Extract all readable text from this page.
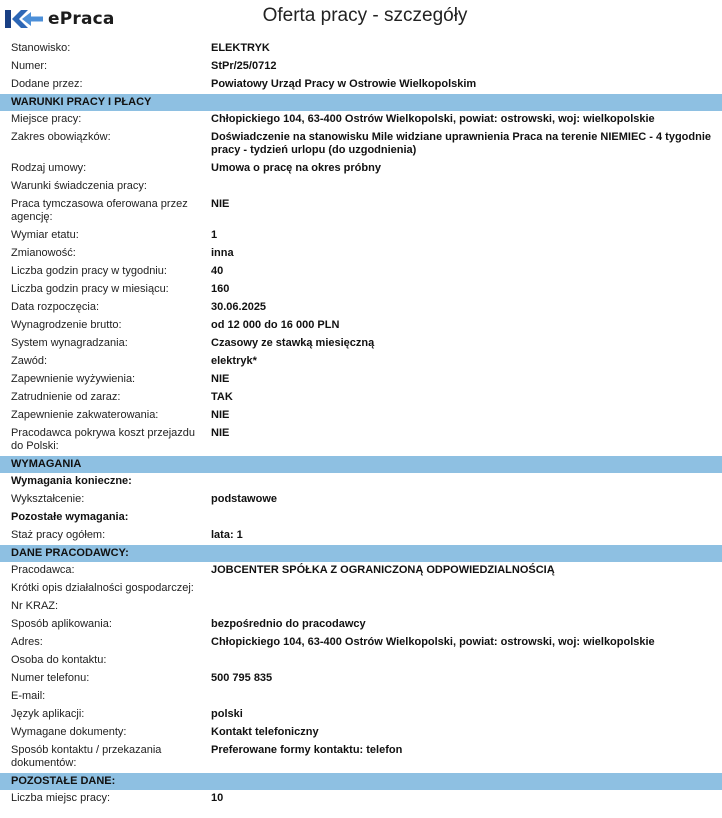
ePraca	Oferta pracy - szczegóły
Stanowisko:	ELEKTRYK
Numer:	StPr/25/0712
Dodane przez:	Powiatowy Urząd Pracy w Ostrowie Wielkopolskim
WARUNKI PRACY I PŁACY	
Miejsce pracy:	Chłopickiego 104, 63-400 Ostrów Wielkopolski, powiat: ostrowski, woj: wielkopolskie
Zakres obowiązków:	Doświadczenie na stanowisku Mile widziane uprawnienia Praca na terenie NIEMIEC - 4 tygodnie pracy - tydzień urlopu (do uzgodnienia)
Rodzaj umowy:	Umowa o pracę na okres próbny
Warunki świadczenia pracy:	
Praca tymczasowa oferowana przez agencję:	NIE
Wymiar etatu:	1
Zmianowość:	inna
Liczba godzin pracy w tygodniu:	40
Liczba godzin pracy w miesiącu:	160
Data rozpoczęcia:	30.06.2025
Wynagrodzenie brutto:	od 12 000 do 16 000 PLN
System wynagradzania:	Czasowy ze stawką miesięczną
Zawód:	elektryk*
Zapewnienie wyżywienia:	NIE
Zatrudnienie od zaraz:	TAK
Zapewnienie zakwaterowania:	NIE
Pracodawca pokrywa koszt przejazdu do Polski:	NIE
WYMAGANIA	
Wymagania konieczne:	
Wykształcenie:	podstawowe
Pozostałe wymagania:	
Staż pracy ogółem:	lata: 1
DANE PRACODAWCY:	
Pracodawca:	JOBCENTER SPÓŁKA Z OGRANICZONĄ ODPOWIEDZIALNOŚCIĄ
Krótki opis działalności gospodarczej:	
Nr KRAZ:	
Sposób aplikowania:	bezpośrednio do pracodawcy
Adres:	Chłopickiego 104, 63-400 Ostrów Wielkopolski, powiat: ostrowski, woj: wielkopolskie
Osoba do kontaktu:	
Numer telefonu:	500 795 835
E-mail:	
Język aplikacji:	polski
Wymagane dokumenty:	Kontakt telefoniczny
Sposób kontaktu / przekazania dokumentów:	Preferowane formy kontaktu: telefon
POZOSTAŁE DANE:	
Liczba miejsc pracy:	10
